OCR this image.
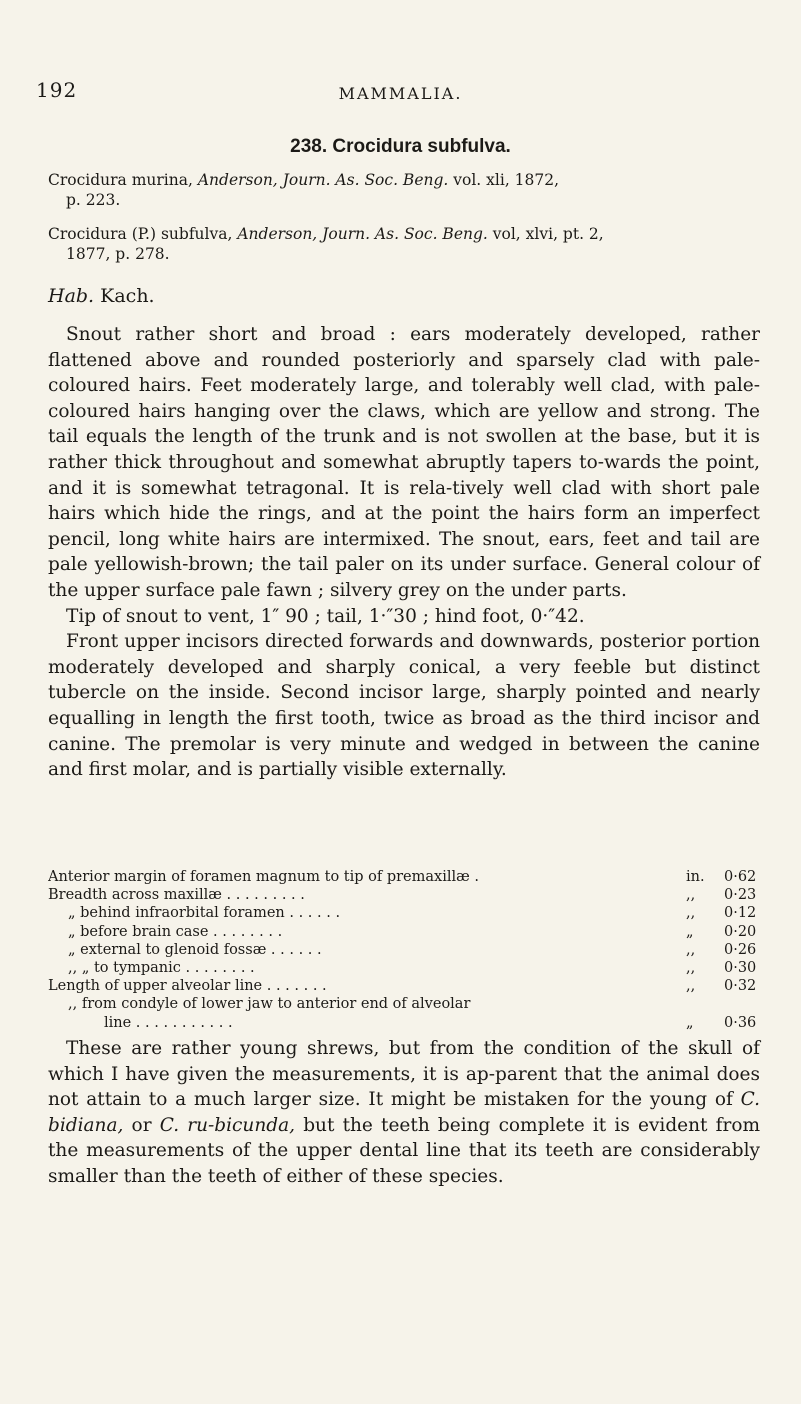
192	MAMMALIA.
238. Crocidura subfulva.
Crocidura murina, Anderson, Journ. As. Soc. Beng. vol. xli, 1872,
p. 223.
Crocidura (P.) subfulva, Anderson, Journ. As. Soc. Beng. vol, xlvi, pt. 2,
1877, p. 278.
Hab. Kach.

Snout rather short and broad : ears moderately developed, rather flattened above and rounded posteriorly and sparsely clad with pale-coloured hairs. Feet moderately large, and tolerably well clad, with pale-coloured hairs hanging over the claws, which are yellow and strong. The tail equals the length of the trunk and is not swollen at the base, but it is rather thick throughout and somewhat abruptly tapers to-wards the point, and it is somewhat tetragonal. It is rela-tively well clad with short pale hairs which hide the rings, and at the point the hairs form an imperfect pencil, long white hairs are intermixed. The snout, ears, feet and tail are pale yellowish-brown; the tail paler on its under surface. General colour of the upper surface pale fawn ; silvery grey on the under parts.

Tip of snout to vent, 1″ 90 ; tail, 1·″30 ; hind foot, 0·″42.

Front upper incisors directed forwards and downwards, posterior portion moderately developed and sharply conical, a very feeble but distinct tubercle on the inside. Second incisor large, sharply pointed and nearly equalling in length the first tooth, twice as broad as the third incisor and canine. The premolar is very minute and wedged in between the canine and first molar, and is partially visible externally.

Anterior margin of foramen magnum to tip of premaxillæ .	in.	0·62
Breadth across maxillæ . . . . . . . . .	,,	0·23
„ behind infraorbital foramen . . . . . .	,,	0·12
„ before brain case . . . . . . . .	„	0·20
„ external to glenoid fossæ . . . . . .	,,	0·26
,, „ to tympanic . . . . . . . .	,,	0·30
Length of upper alveolar line . . . . . . .	,,	0·32
,, from condyle of lower jaw to anterior end of alveolar
line . . . . . . . . . . .	„	0·36

These are rather young shrews, but from the condition of the skull of which I have given the measurements, it is ap-parent that the animal does not attain to a much larger size. It might be mistaken for the young of C. bidiana, or C. ru-bicunda, but the teeth being complete it is evident from the measurements of the upper dental line that its teeth are considerably smaller than the teeth of either of these species.
